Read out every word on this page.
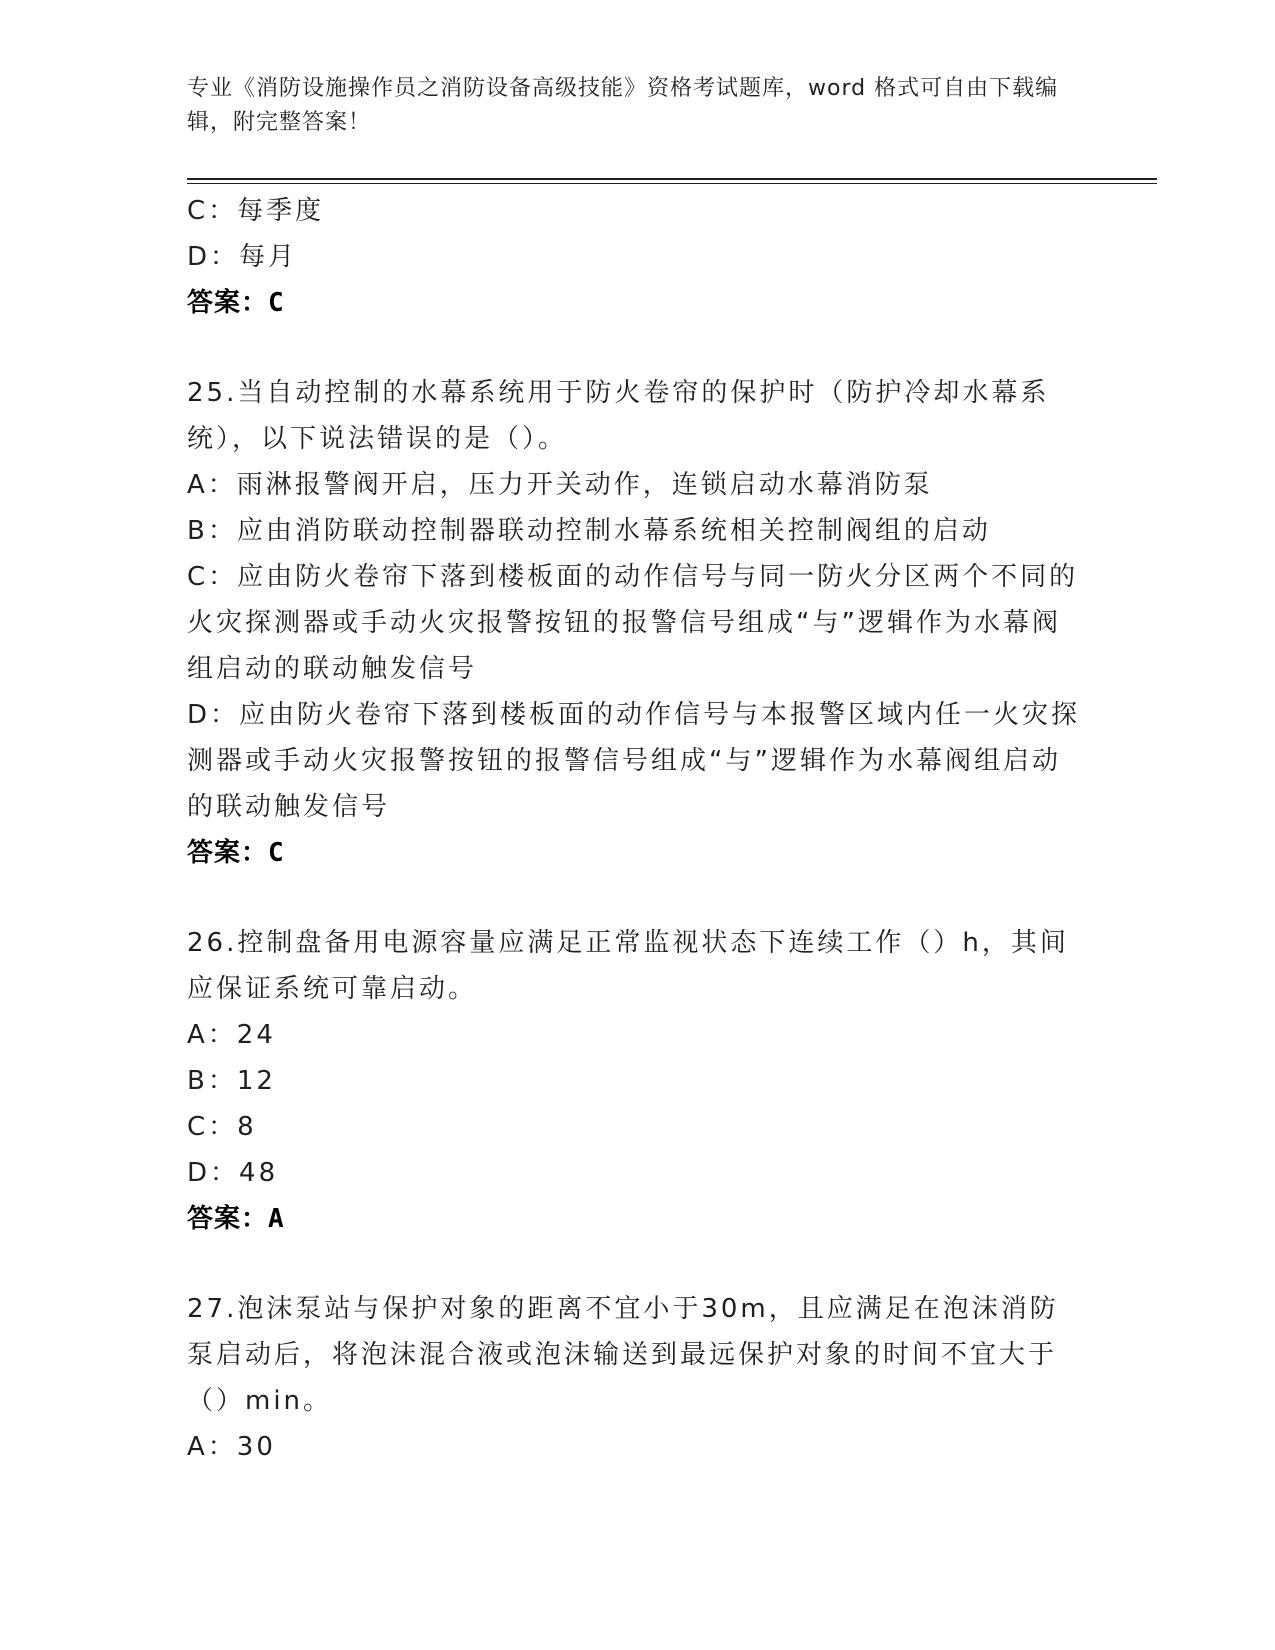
专业《消防设施操作员之消防设备高级技能》资格考试题库，word 格式可自由下载编辑，附完整答案！
C：每季度
D：每月
答案：C
25.当自动控制的水幕系统用于防火卷帘的保护时（防护冷却水幕系统），以下说法错误的是（）。
A：雨淋报警阀开启，压力开关动作，连锁启动水幕消防泵
B：应由消防联动控制器联动控制水幕系统相关控制阀组的启动
C：应由防火卷帘下落到楼板面的动作信号与同一防火分区两个不同的火灾探测器或手动火灾报警按钮的报警信号组成“与”逻辑作为水幕阀组启动的联动触发信号
D：应由防火卷帘下落到楼板面的动作信号与本报警区域内任一火灾探测器或手动火灾报警按钮的报警信号组成“与”逻辑作为水幕阀组启动的联动触发信号
答案：C
26.控制盘备用电源容量应满足正常监视状态下连续工作（）h，其间应保证系统可靠启动。
A：24
B：12
C：8
D：48
答案：A
27.泡沫泵站与保护对象的距离不宜小于30m，且应满足在泡沫消防泵启动后，将泡沫混合液或泡沫输送到最远保护对象的时间不宜大于（）min。
A：30
